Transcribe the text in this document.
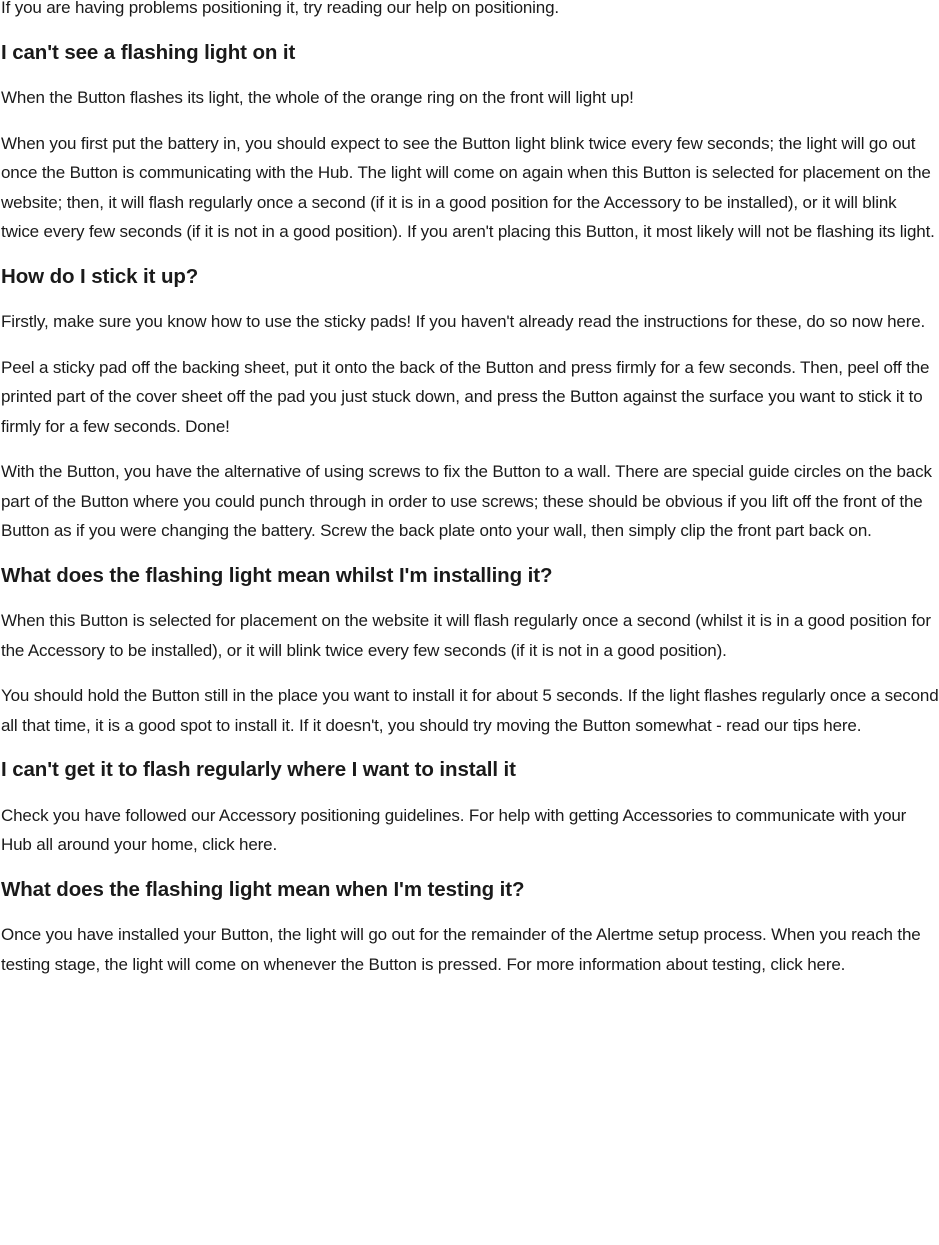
If you are having problems positioning it, try reading our help on positioning.

I can't see a flashing light on it

When the Button flashes its light, the whole of the orange ring on the front will light up!

When you first put the battery in, you should expect to see the Button light blink twice every few seconds; the light will go out once the Button is communicating with the Hub. The light will come on again when this Button is selected for placement on the website; then, it will flash regularly once a second (if it is in a good position for the Accessory to be installed), or it will blink twice every few seconds (if it is not in a good position). If you aren't placing this Button, it most likely will not be flashing its light.

How do I stick it up?

Firstly, make sure you know how to use the sticky pads! If you haven't already read the instructions for these, do so now here.

Peel a sticky pad off the backing sheet, put it onto the back of the Button and press firmly for a few seconds. Then, peel off the printed part of the cover sheet off the pad you just stuck down, and press the Button against the surface you want to stick it to firmly for a few seconds. Done!

With the Button, you have the alternative of using screws to fix the Button to a wall. There are special guide circles on the back part of the Button where you could punch through in order to use screws; these should be obvious if you lift off the front of the Button as if you were changing the battery. Screw the back plate onto your wall, then simply clip the front part back on.

What does the flashing light mean whilst I'm installing it?

When this Button is selected for placement on the website it will flash regularly once a second (whilst it is in a good position for the Accessory to be installed), or it will blink twice every few seconds (if it is not in a good position).

You should hold the Button still in the place you want to install it for about 5 seconds. If the light flashes regularly once a second all that time, it is a good spot to install it. If it doesn't, you should try moving the Button somewhat - read our tips here.

I can't get it to flash regularly where I want to install it

Check you have followed our Accessory positioning guidelines. For help with getting Accessories to communicate with your Hub all around your home, click here.

What does the flashing light mean when I'm testing it?

Once you have installed your Button, the light will go out for the remainder of the Alertme setup process. When you reach the testing stage, the light will come on whenever the Button is pressed. For more information about testing, click here.
